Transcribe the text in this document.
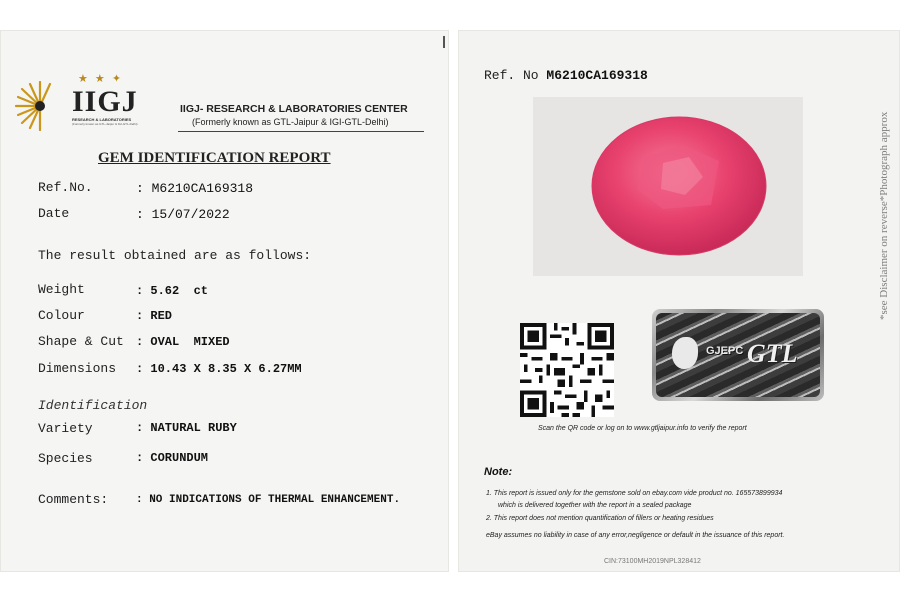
★ ★ ✦
IIGJ
RESEARCH & LABORATORIES
(Formerly known as GTL-Jaipur & IGI-GTL-Delhi)
IIGJ- RESEARCH & LABORATORIES CENTER
(Formerly known as GTL-Jaipur & IGI-GTL-Delhi)
GEM IDENTIFICATION REPORT
Ref.No.	: M6210CA169318
Date	: 15/07/2022
The result obtained are as follows:
Weight	: 5.62  ct
Colour	: RED
Shape & Cut : OVAL  MIXED
Dimensions : 10.43 X 8.35 X 6.27MM
Identification
Variety	: NATURAL RUBY
Species	: CORUNDUM
Comments:	: NO INDICATIONS OF THERMAL ENHANCEMENT.
Ref. No M6210CA169318
*see Disclaimer on reverse*Photograph approx
GJEPC GTL
Scan the QR code or log on to www.gtljaipur.info to verify the report
Note:
1. This report is issued only for the gemstone sold on ebay.com vide product no. 165573899934
which is delivered together with the report in a sealed package
2. This report does not mention quantification of fillers or heating residues
eBay assumes no liability in case of any error,negligence or default in the issuance of this report.
CIN:73100MH2019NPL328412
